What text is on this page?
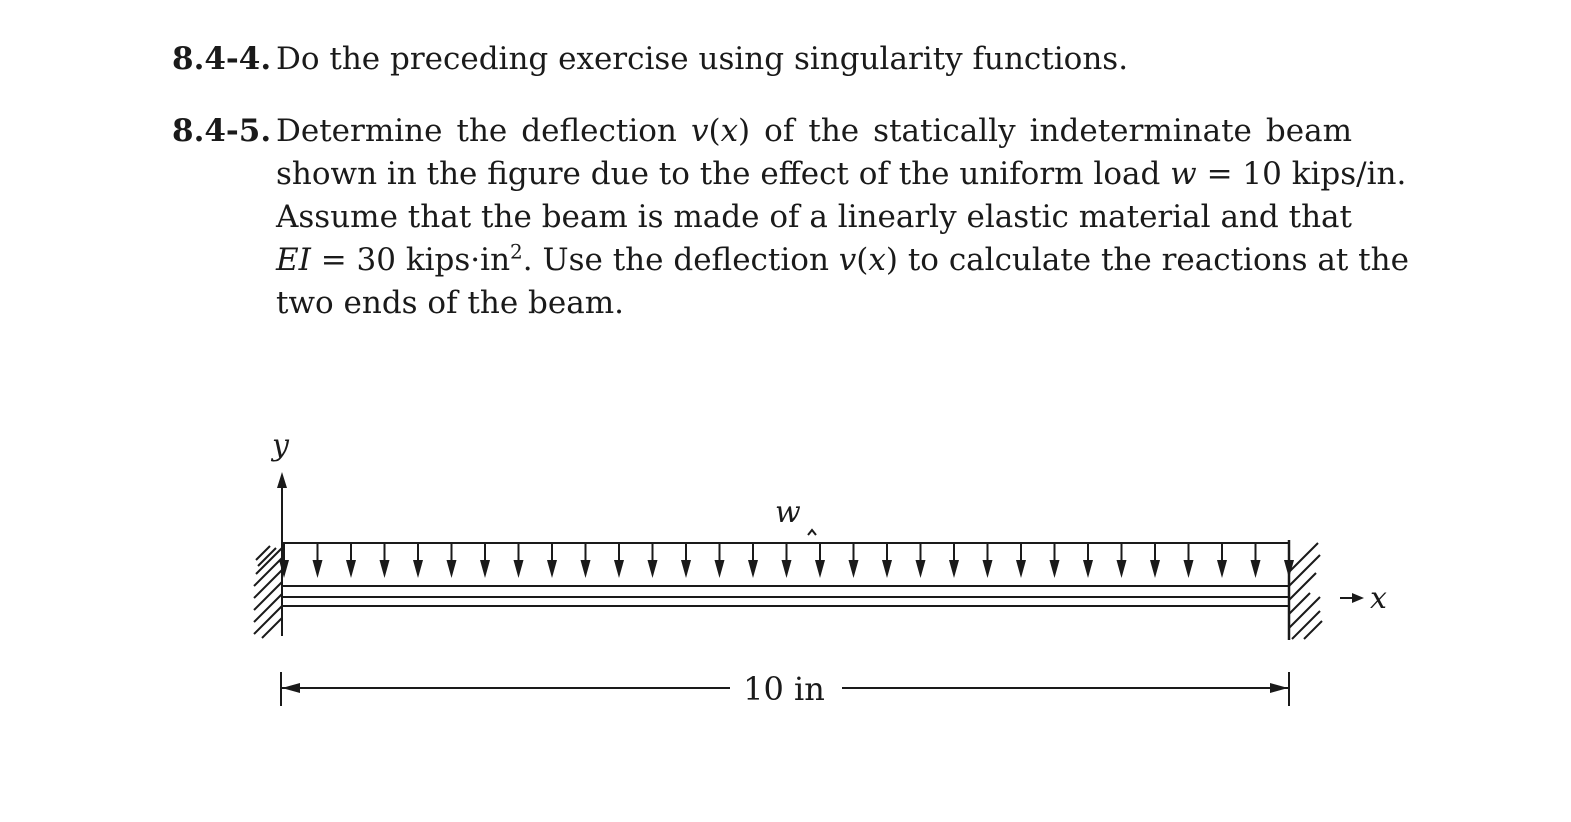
8.4-4. Do the preceding exercise using singularity functions.
8.4-5. Determine the deflection v(x) of the statically indeterminate beam
shown in the figure due to the effect of the uniform load w = 10 kips/in.
Assume that the beam is made of a linearly elastic material and that
EI = 30 $kips\cdot in^2$. Use the deflection v(x) to calculate the reactions at the
two ends of the beam.
y
x
w
10 in
